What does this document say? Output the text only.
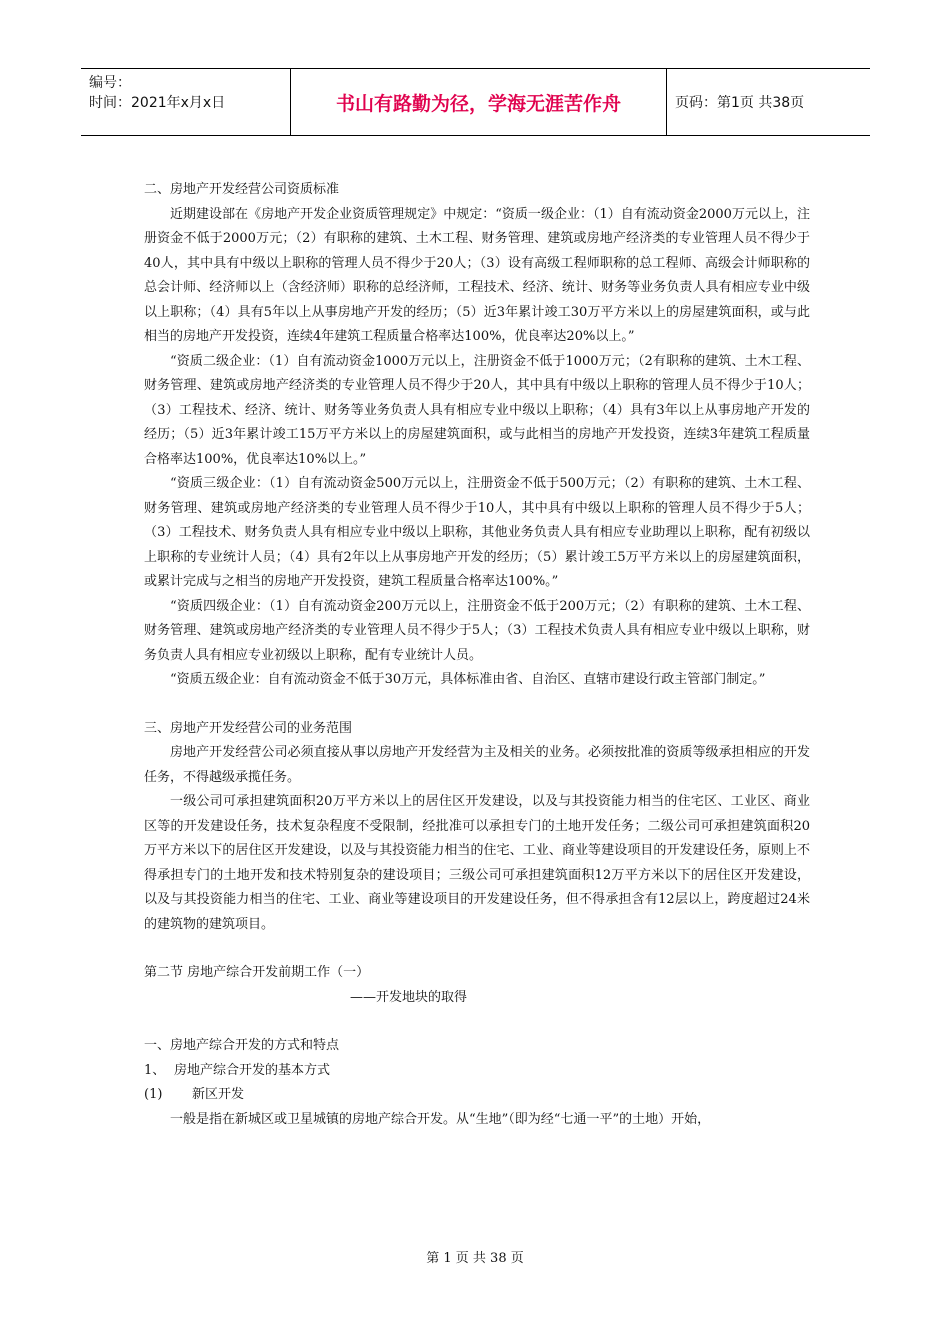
编号：
时间：2021年x月x日	书山有路勤为径，学海无涯苦作舟	页码：第1页 共38页

二、房地产开发经营公司资质标准

近期建设部在《房地产开发企业资质管理规定》中规定：“资质一级企业：（1）自有流动资金2000万元以上，注册资金不低于2000万元；（2）有职称的建筑、土木工程、财务管理、建筑或房地产经济类的专业管理人员不得少于40人，其中具有中级以上职称的管理人员不得少于20人；（3）设有高级工程师职称的总工程师、高级会计师职称的总会计师、经济师以上（含经济师）职称的总经济师，工程技术、经济、统计、财务等业务负责人具有相应专业中级以上职称；（4）具有5年以上从事房地产开发的经历；（5）近3年累计竣工30万平方米以上的房屋建筑面积，或与此相当的房地产开发投资，连续4年建筑工程质量合格率达100%，优良率达20%以上。”

“资质二级企业：（1）自有流动资金1000万元以上，注册资金不低于1000万元；（2有职称的建筑、土木工程、财务管理、建筑或房地产经济类的专业管理人员不得少于20人，其中具有中级以上职称的管理人员不得少于10人；（3）工程技术、经济、统计、财务等业务负责人具有相应专业中级以上职称；（4）具有3年以上从事房地产开发的经历；（5）近3年累计竣工15万平方米以上的房屋建筑面积，或与此相当的房地产开发投资，连续3年建筑工程质量合格率达100%，优良率达10%以上。”

“资质三级企业：（1）自有流动资金500万元以上，注册资金不低于500万元；（2）有职称的建筑、土木工程、财务管理、建筑或房地产经济类的专业管理人员不得少于10人，其中具有中级以上职称的管理人员不得少于5人；（3）工程技术、财务负责人具有相应专业中级以上职称，其他业务负责人具有相应专业助理以上职称，配有初级以上职称的专业统计人员；（4）具有2年以上从事房地产开发的经历；（5）累计竣工5万平方米以上的房屋建筑面积，或累计完成与之相当的房地产开发投资，建筑工程质量合格率达100%。”

“资质四级企业：（1）自有流动资金200万元以上，注册资金不低于200万元；（2）有职称的建筑、土木工程、财务管理、建筑或房地产经济类的专业管理人员不得少于5人；（3）工程技术负责人具有相应专业中级以上职称，财务负责人具有相应专业初级以上职称，配有专业统计人员。

“资质五级企业：自有流动资金不低于30万元，具体标准由省、自治区、直辖市建设行政主管部门制定。”

三、房地产开发经营公司的业务范围

房地产开发经营公司必须直接从事以房地产开发经营为主及相关的业务。必须按批准的资质等级承担相应的开发任务，不得越级承揽任务。

一级公司可承担建筑面积20万平方米以上的居住区开发建设，以及与其投资能力相当的住宅区、工业区、商业区等的开发建设任务，技术复杂程度不受限制，经批准可以承担专门的土地开发任务；二级公司可承担建筑面积20万平方米以下的居住区开发建设，以及与其投资能力相当的住宅、工业、商业等建设项目的开发建设任务，原则上不得承担专门的土地开发和技术特别复杂的建设项目；三级公司可承担建筑面积12万平方米以下的居住区开发建设，以及与其投资能力相当的住宅、工业、商业等建设项目的开发建设任务，但不得承担含有12层以上，跨度超过24米的建筑物的建筑项目。

第二节 房地产综合开发前期工作（一）

——开发地块的取得

一、房地产综合开发的方式和特点

1、 房地产综合开发的基本方式
(1)	新区开发

一般是指在新城区或卫星城镇的房地产综合开发。从“生地”（即为经“七通一平”的土地）开始，

第 1 页 共 38 页
